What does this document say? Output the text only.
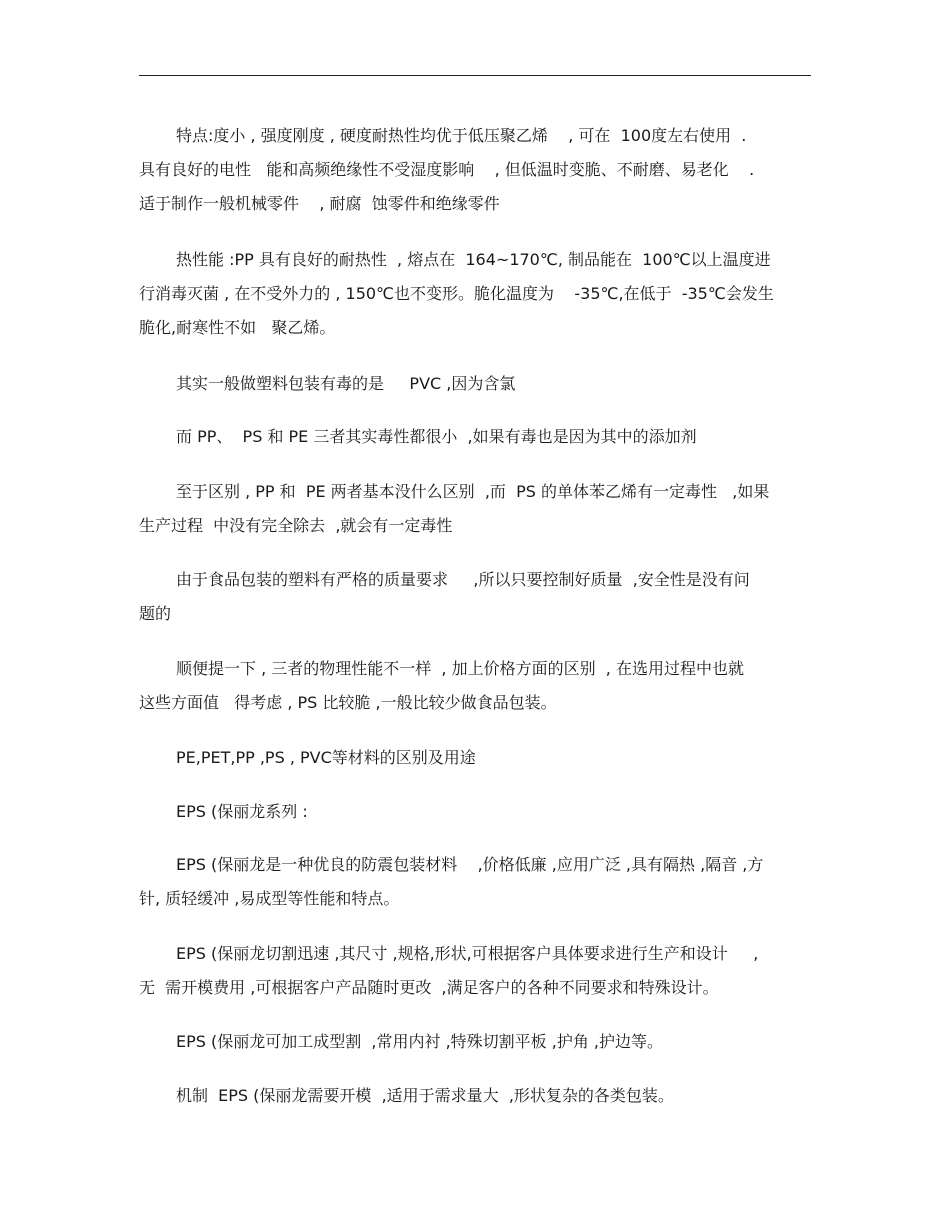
特点:度小 , 强度刚度 , 硬度耐热性均优于低压聚乙烯    , 可在  100度左右使用  .
具有良好的电性   能和高频绝缘性不受湿度影响    , 但低温时变脆、不耐磨、易老化    .
适于制作一般机械零件    , 耐腐  蚀零件和绝缘零件
热性能 :PP 具有良好的耐热性  , 熔点在  164~170℃, 制品能在  100℃以上温度进
行消毒灭菌 , 在不受外力的 , 150℃也不变形。脆化温度为    -35℃,在低于  -35℃会发生
脆化,耐寒性不如   聚乙烯。
其实一般做塑料包装有毒的是     PVC ,因为含氯
而 PP、  PS 和 PE 三者其实毒性都很小  ,如果有毒也是因为其中的添加剂
至于区别 , PP 和  PE 两者基本没什么区别  ,而  PS 的单体苯乙烯有一定毒性   ,如果
生产过程  中没有完全除去  ,就会有一定毒性
由于食品包装的塑料有严格的质量要求     ,所以只要控制好质量  ,安全性是没有问
题的
顺便提一下 , 三者的物理性能不一样  , 加上价格方面的区别  , 在选用过程中也就
这些方面值   得考虑 , PS 比较脆 ,一般比较少做食品包装。
PE,PET,PP ,PS , PVC等材料的区别及用途
EPS (保丽龙系列 :
EPS (保丽龙是一种优良的防震包装材料    ,价格低廉 ,应用广泛 ,具有隔热 ,隔音 ,方
针, 质轻缓冲 ,易成型等性能和特点。
EPS (保丽龙切割迅速 ,其尺寸 ,规格,形状,可根据客户具体要求进行生产和设计     ,
无  需开模费用 ,可根据客户产品随时更改  ,满足客户的各种不同要求和特殊设计。
EPS (保丽龙可加工成型割  ,常用内衬 ,特殊切割平板 ,护角 ,护边等。
机制  EPS (保丽龙需要开模  ,适用于需求量大  ,形状复杂的各类包装。
